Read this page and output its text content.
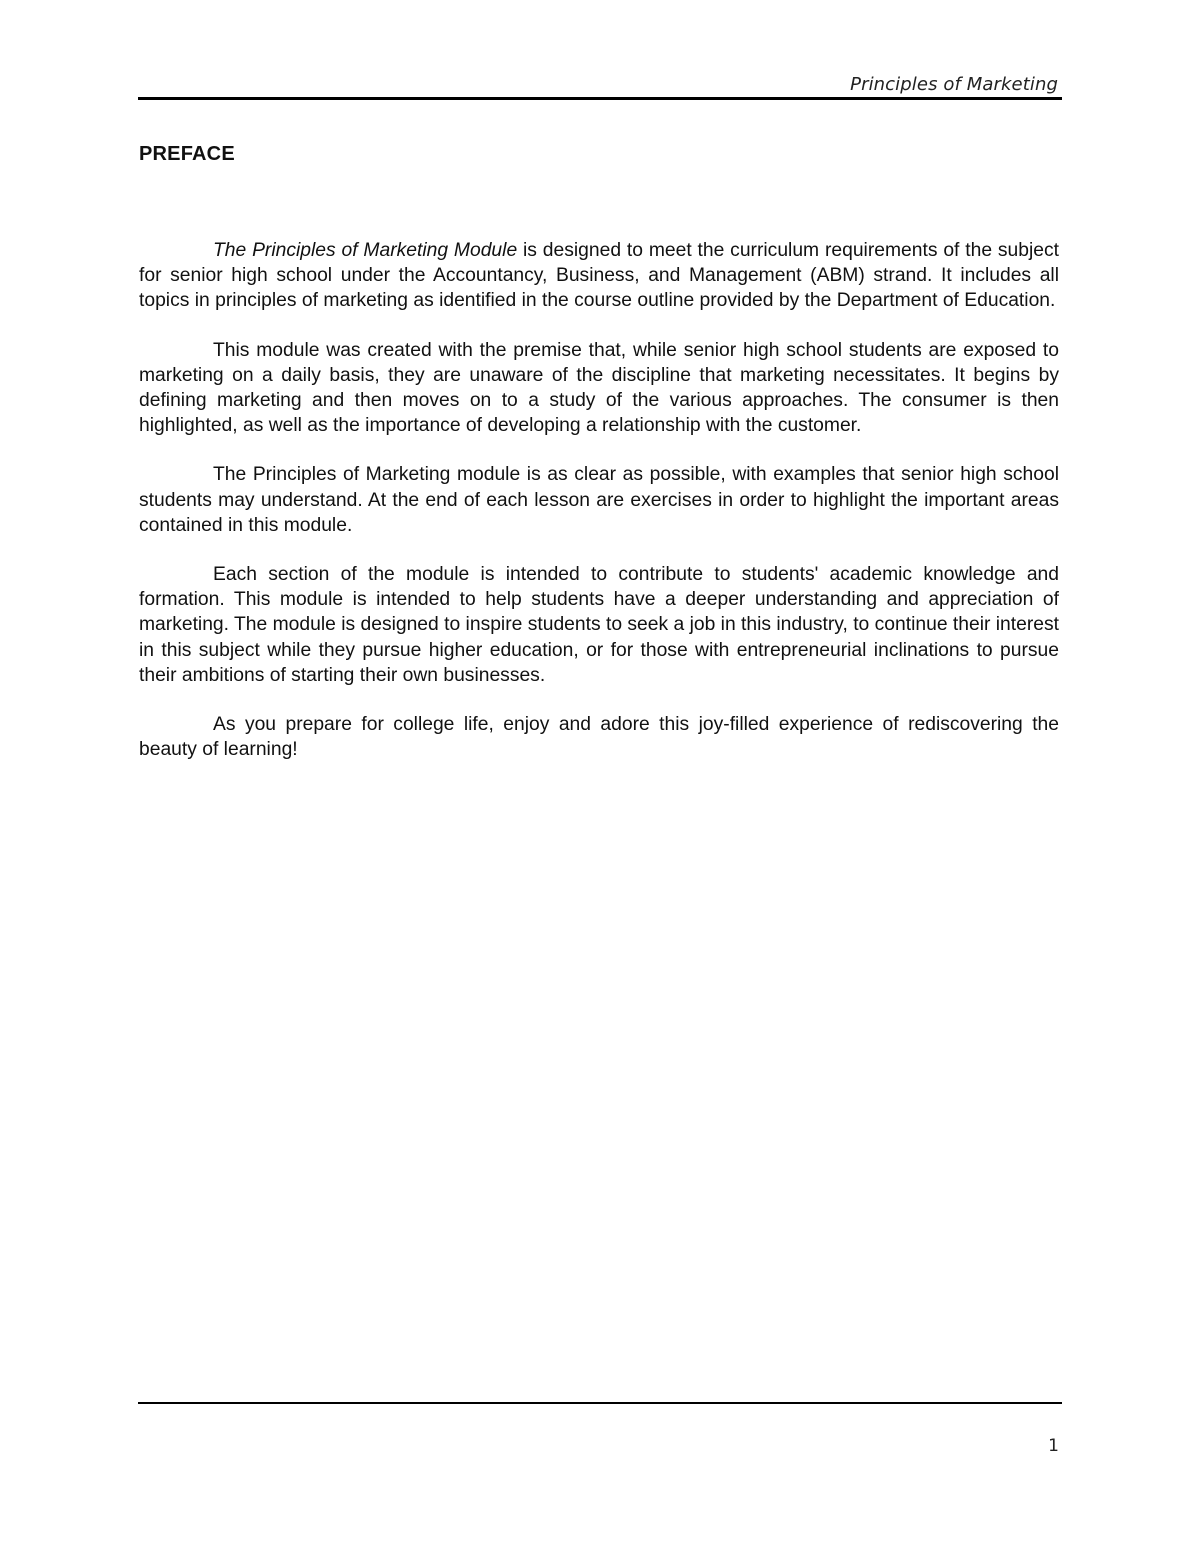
Principles of Marketing
PREFACE

The Principles of Marketing Module is designed to meet the curriculum requirements of the subject for senior high school under the Accountancy, Business, and Management (ABM) strand. It includes all topics in principles of marketing as identified in the course outline provided by the Department of Education.

This module was created with the premise that, while senior high school students are exposed to marketing on a daily basis, they are unaware of the discipline that marketing necessitates. It begins by defining marketing and then moves on to a study of the various approaches. The consumer is then highlighted, as well as the importance of developing a relationship with the customer.

The Principles of Marketing module is as clear as possible, with examples that senior high school students may understand. At the end of each lesson are exercises in order to highlight the important areas contained in this module.

Each section of the module is intended to contribute to students' academic knowledge and formation. This module is intended to help students have a deeper understanding and appreciation of marketing. The module is designed to inspire students to seek a job in this industry, to continue their interest in this subject while they pursue higher education, or for those with entrepreneurial inclinations to pursue their ambitions of starting their own businesses.

As you prepare for college life, enjoy and adore this joy-filled experience of rediscovering the beauty of learning!

1
